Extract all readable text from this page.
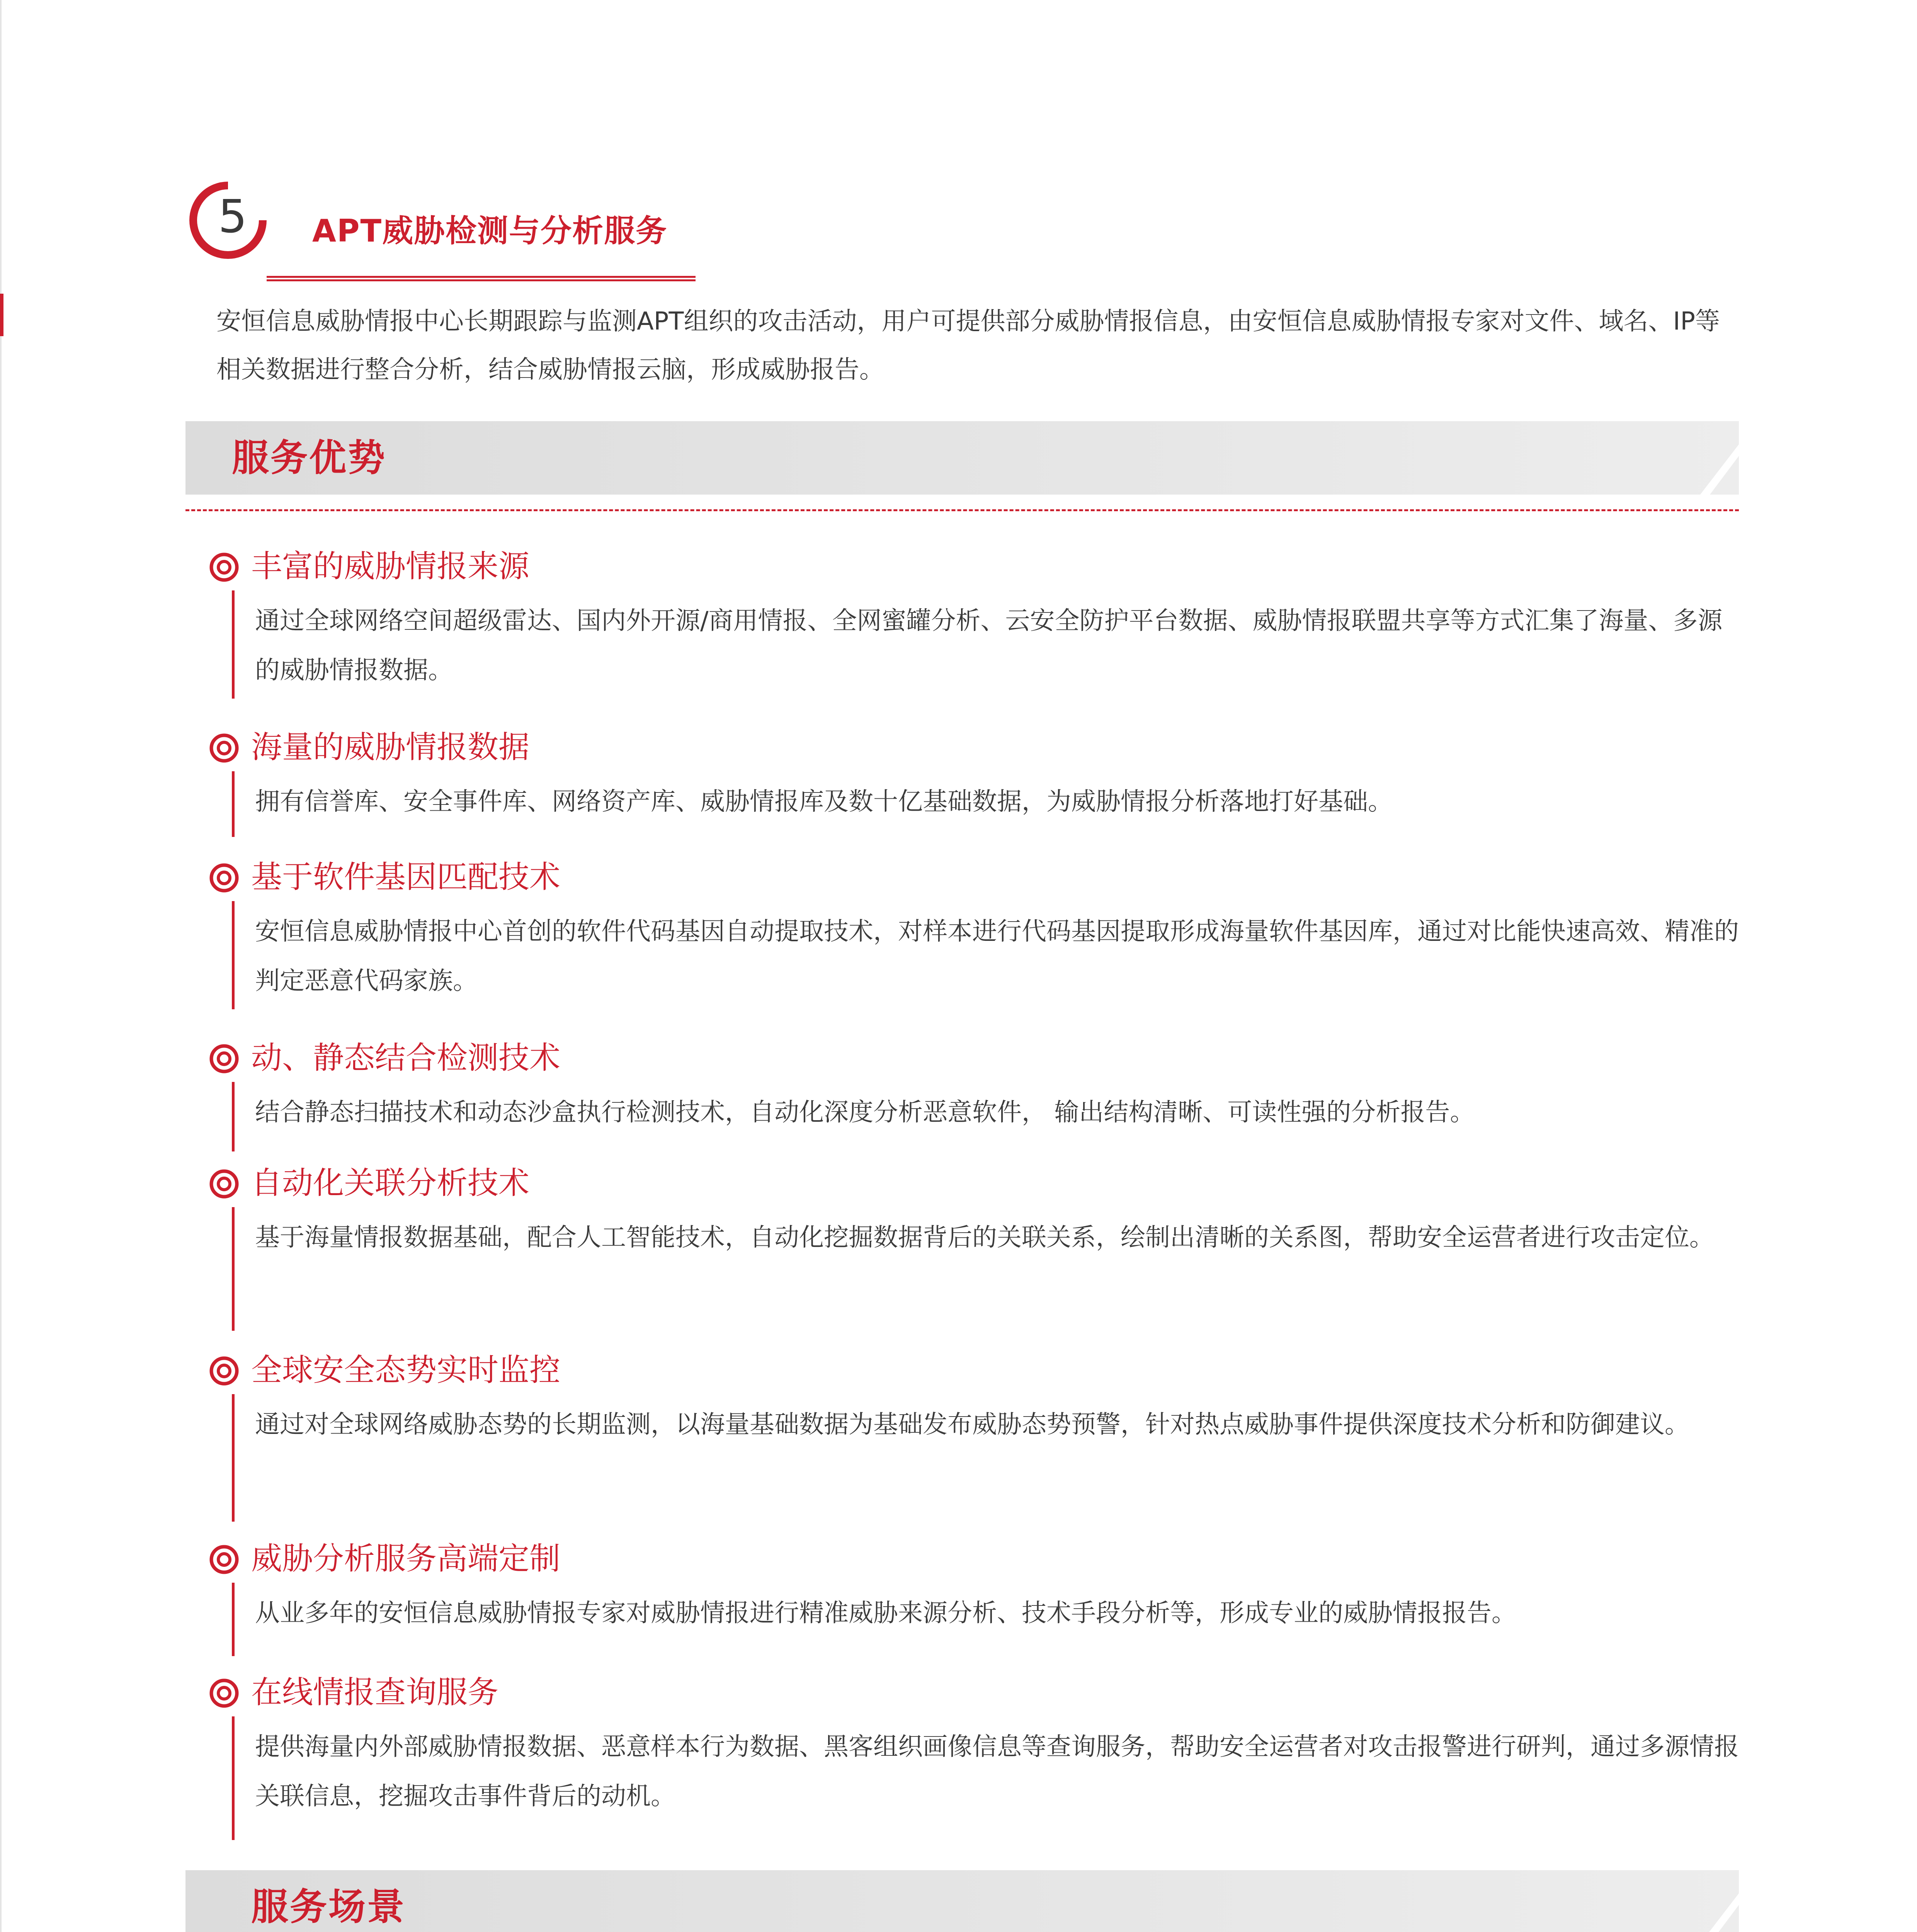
5 APT威胁检测与分析服务
安恒信息威胁情报中心长期跟踪与监测APT组织的攻击活动，用户可提供部分威胁情报信息，由安恒信息威胁情报专家对文件、域名、IP等相关数据进行整合分析，结合威胁情报云脑，形成威胁报告。
服务优势
丰富的威胁情报来源
通过全球网络空间超级雷达、国内外开源/商用情报、全网蜜罐分析、云安全防护平台数据、威胁情报联盟共享等方式汇集了海量、多源的威胁情报数据。
海量的威胁情报数据
拥有信誉库、安全事件库、网络资产库、威胁情报库及数十亿基础数据，为威胁情报分析落地打好基础。
基于软件基因匹配技术
安恒信息威胁情报中心首创的软件代码基因自动提取技术，对样本进行代码基因提取形成海量软件基因库，通过对比能快速高效、精准的判定恶意代码家族。
动、静态结合检测技术
结合静态扫描技术和动态沙盒执行检测技术，自动化深度分析恶意软件， 输出结构清晰、可读性强的分析报告。
自动化关联分析技术
基于海量情报数据基础，配合人工智能技术，自动化挖掘数据背后的关联关系，绘制出清晰的关系图，帮助安全运营者进行攻击定位。
全球安全态势实时监控
通过对全球网络威胁态势的长期监测，以海量基础数据为基础发布威胁态势预警，针对热点威胁事件提供深度技术分析和防御建议。
威胁分析服务高端定制
从业多年的安恒信息威胁情报专家对威胁情报进行精准威胁来源分析、技术手段分析等，形成专业的威胁情报报告。
在线情报查询服务
提供海量内外部威胁情报数据、恶意样本行为数据、黑客组织画像信息等查询服务，帮助安全运营者对攻击报警进行研判，通过多源情报关联信息，挖掘攻击事件背后的动机。
服务场景
